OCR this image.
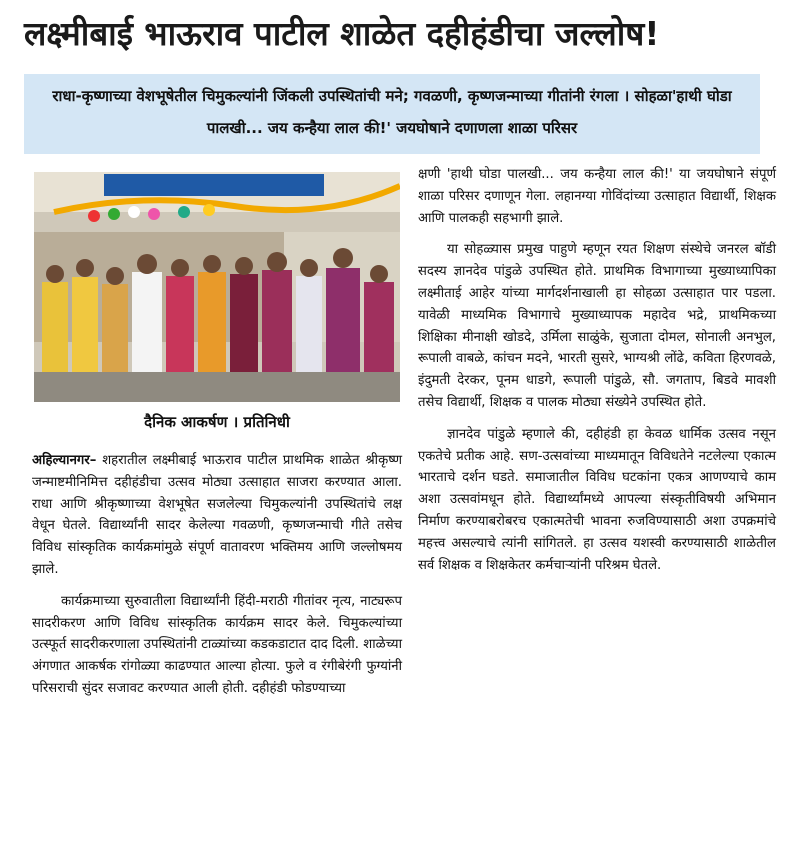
लक्ष्मीबाई भाऊराव पाटील शाळेत दहीहंडीचा जल्लोष!
राधा-कृष्णाच्या वेशभूषेतील चिमुकल्यांनी जिंकली उपस्थितांची मने; गवळणी, कृष्णजन्माच्या गीतांनी रंगला । सोहळा'हाथी घोडा पालखी... जय कन्हैया लाल की!' जयघोषाने दणाणला शाळा परिसर
दैनिक आकर्षण । प्रतिनिधी

अहिल्यानगर– शहरातील लक्ष्मीबाई भाऊराव पाटील प्राथमिक शाळेत श्रीकृष्ण जन्माष्टमीनिमित्त दहीहंडीचा उत्सव मोठ्या उत्साहात साजरा करण्यात आला. राधा आणि श्रीकृष्णाच्या वेशभूषेत सजलेल्या चिमुकल्यांनी उपस्थितांचे लक्ष वेधून घेतले. विद्यार्थ्यांनी सादर केलेल्या गवळणी, कृष्णजन्माची गीते तसेच विविध सांस्कृतिक कार्यक्रमांमुळे संपूर्ण वातावरण भक्तिमय आणि जल्लोषमय झाले.

कार्यक्रमाच्या सुरुवातीला विद्यार्थ्यांनी हिंदी-मराठी गीतांवर नृत्य, नाट्यरूप सादरीकरण आणि विविध सांस्कृतिक कार्यक्रम सादर केले. चिमुकल्यांच्या उत्स्फूर्त सादरीकरणाला उपस्थितांनी टाळ्यांच्या कडकडाटात दाद दिली. शाळेच्या अंगणात आकर्षक रांगोळ्या काढण्यात आल्या होत्या. फुले व रंगीबेरंगी फुग्यांनी परिसराची सुंदर सजावट करण्यात आली होती. दहीहंडी फोडण्याच्या

क्षणी 'हाथी घोडा पालखी... जय कन्हैया लाल की!' या जयघोषाने संपूर्ण शाळा परिसर दणाणून गेला. लहानग्या गोविंदांच्या उत्साहात विद्यार्थी, शिक्षक आणि पालकही सहभागी झाले.

या सोहळ्यास प्रमुख पाहुणे म्हणून रयत शिक्षण संस्थेचे जनरल बॉडी सदस्य ज्ञानदेव पांडुळे उपस्थित होते. प्राथमिक विभागाच्या मुख्याध्यापिका लक्ष्मीताई आहेर यांच्या मार्गदर्शनाखाली हा सोहळा उत्साहात पार पडला. यावेळी माध्यमिक विभागाचे मुख्याध्यापक महादेव भद्रे, प्राथमिकच्या शिक्षिका मीनाक्षी खोडदे, उर्मिला साळुंके, सुजाता दोमल, सोनाली अनभुल, रूपाली वाबळे, कांचन मदने, भारती सुसरे, भाग्यश्री लोंढे, कविता हिरणवळे, इंदुमती देरकर, पूनम धाडगे, रूपाली पांडुळे, सौ. जगताप, बिडवे मावशी तसेच विद्यार्थी, शिक्षक व पालक मोठ्या संख्येने उपस्थित होते.

ज्ञानदेव पांडुळे म्हणाले की, दहीहंडी हा केवळ धार्मिक उत्सव नसून एकतेचे प्रतीक आहे. सण-उत्सवांच्या माध्यमातून विविधतेने नटलेल्या एकात्म भारताचे दर्शन घडते. समाजातील विविध घटकांना एकत्र आणण्याचे काम अशा उत्सवांमधून होते. विद्यार्थ्यांमध्ये आपल्या संस्कृतीविषयी अभिमान निर्माण करण्याबरोबरच एकात्मतेची भावना रुजविण्यासाठी अशा उपक्रमांचे महत्त्व असल्याचे त्यांनी सांगितले. हा उत्सव यशस्वी करण्यासाठी शाळेतील सर्व शिक्षक व शिक्षकेतर कर्मचाऱ्यांनी परिश्रम घेतले.
